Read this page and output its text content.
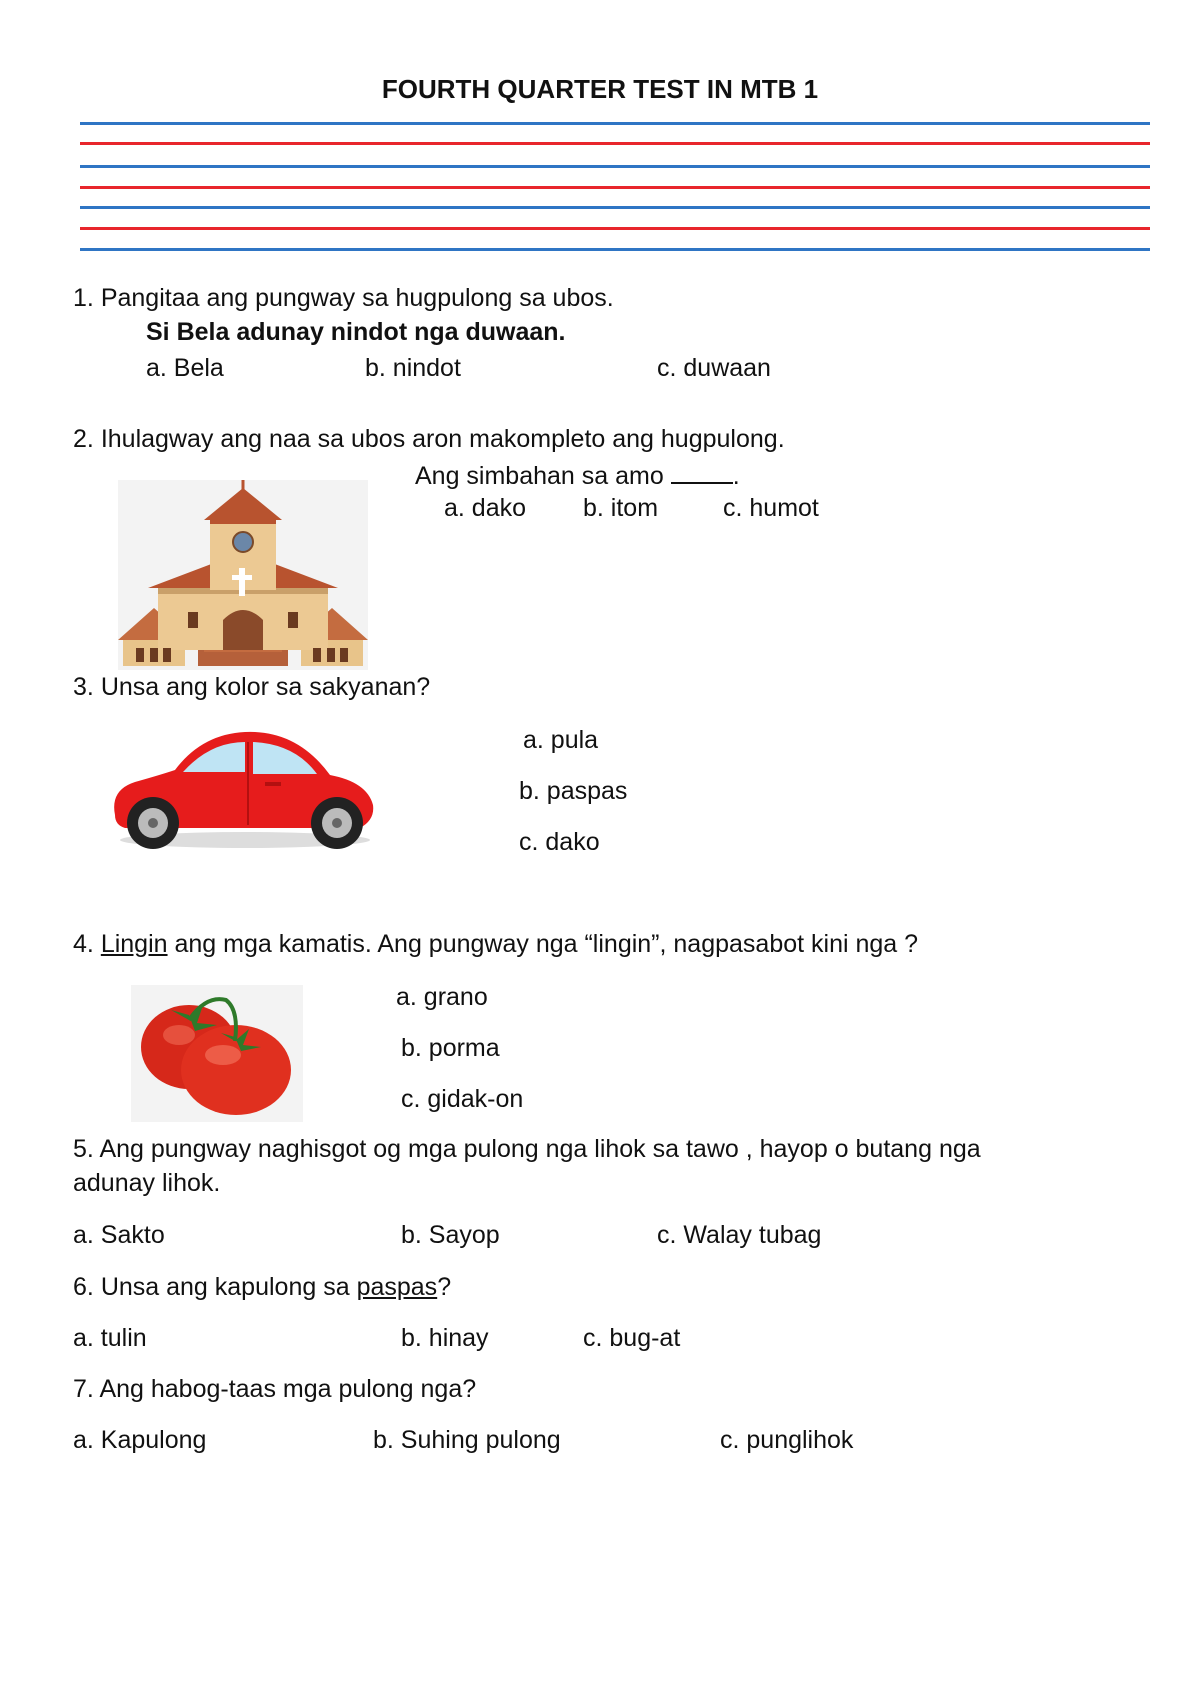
FOURTH QUARTER TEST IN MTB 1
1. Pangitaa ang pungway sa hugpulong sa ubos.
Si Bela adunay nindot nga duwaan.
a. Bela	b. nindot	c. duwaan
2. Ihulagway ang naa sa ubos aron makompleto ang hugpulong.
Ang simbahan sa amo	.
a. dako b. itom	c. humot
3. Unsa ang kolor sa sakyanan?
a. pula
b. paspas
c. dako
4. Lingin ang mga kamatis. Ang pungway nga “lingin”, nagpasabot kini nga ?
a. grano
b. porma
c. gidak-on
5. Ang pungway naghisgot og mga pulong nga lihok sa tawo , hayop o butang nga
adunay lihok.
a. Sakto	b. Sayop	c. Walay tubag
6. Unsa ang kapulong sa paspas?
a. tulin	b. hinay	c. bug-at
7. Ang habog-taas mga pulong nga?
a. Kapulong	b. Suhing pulong	c. punglihok
